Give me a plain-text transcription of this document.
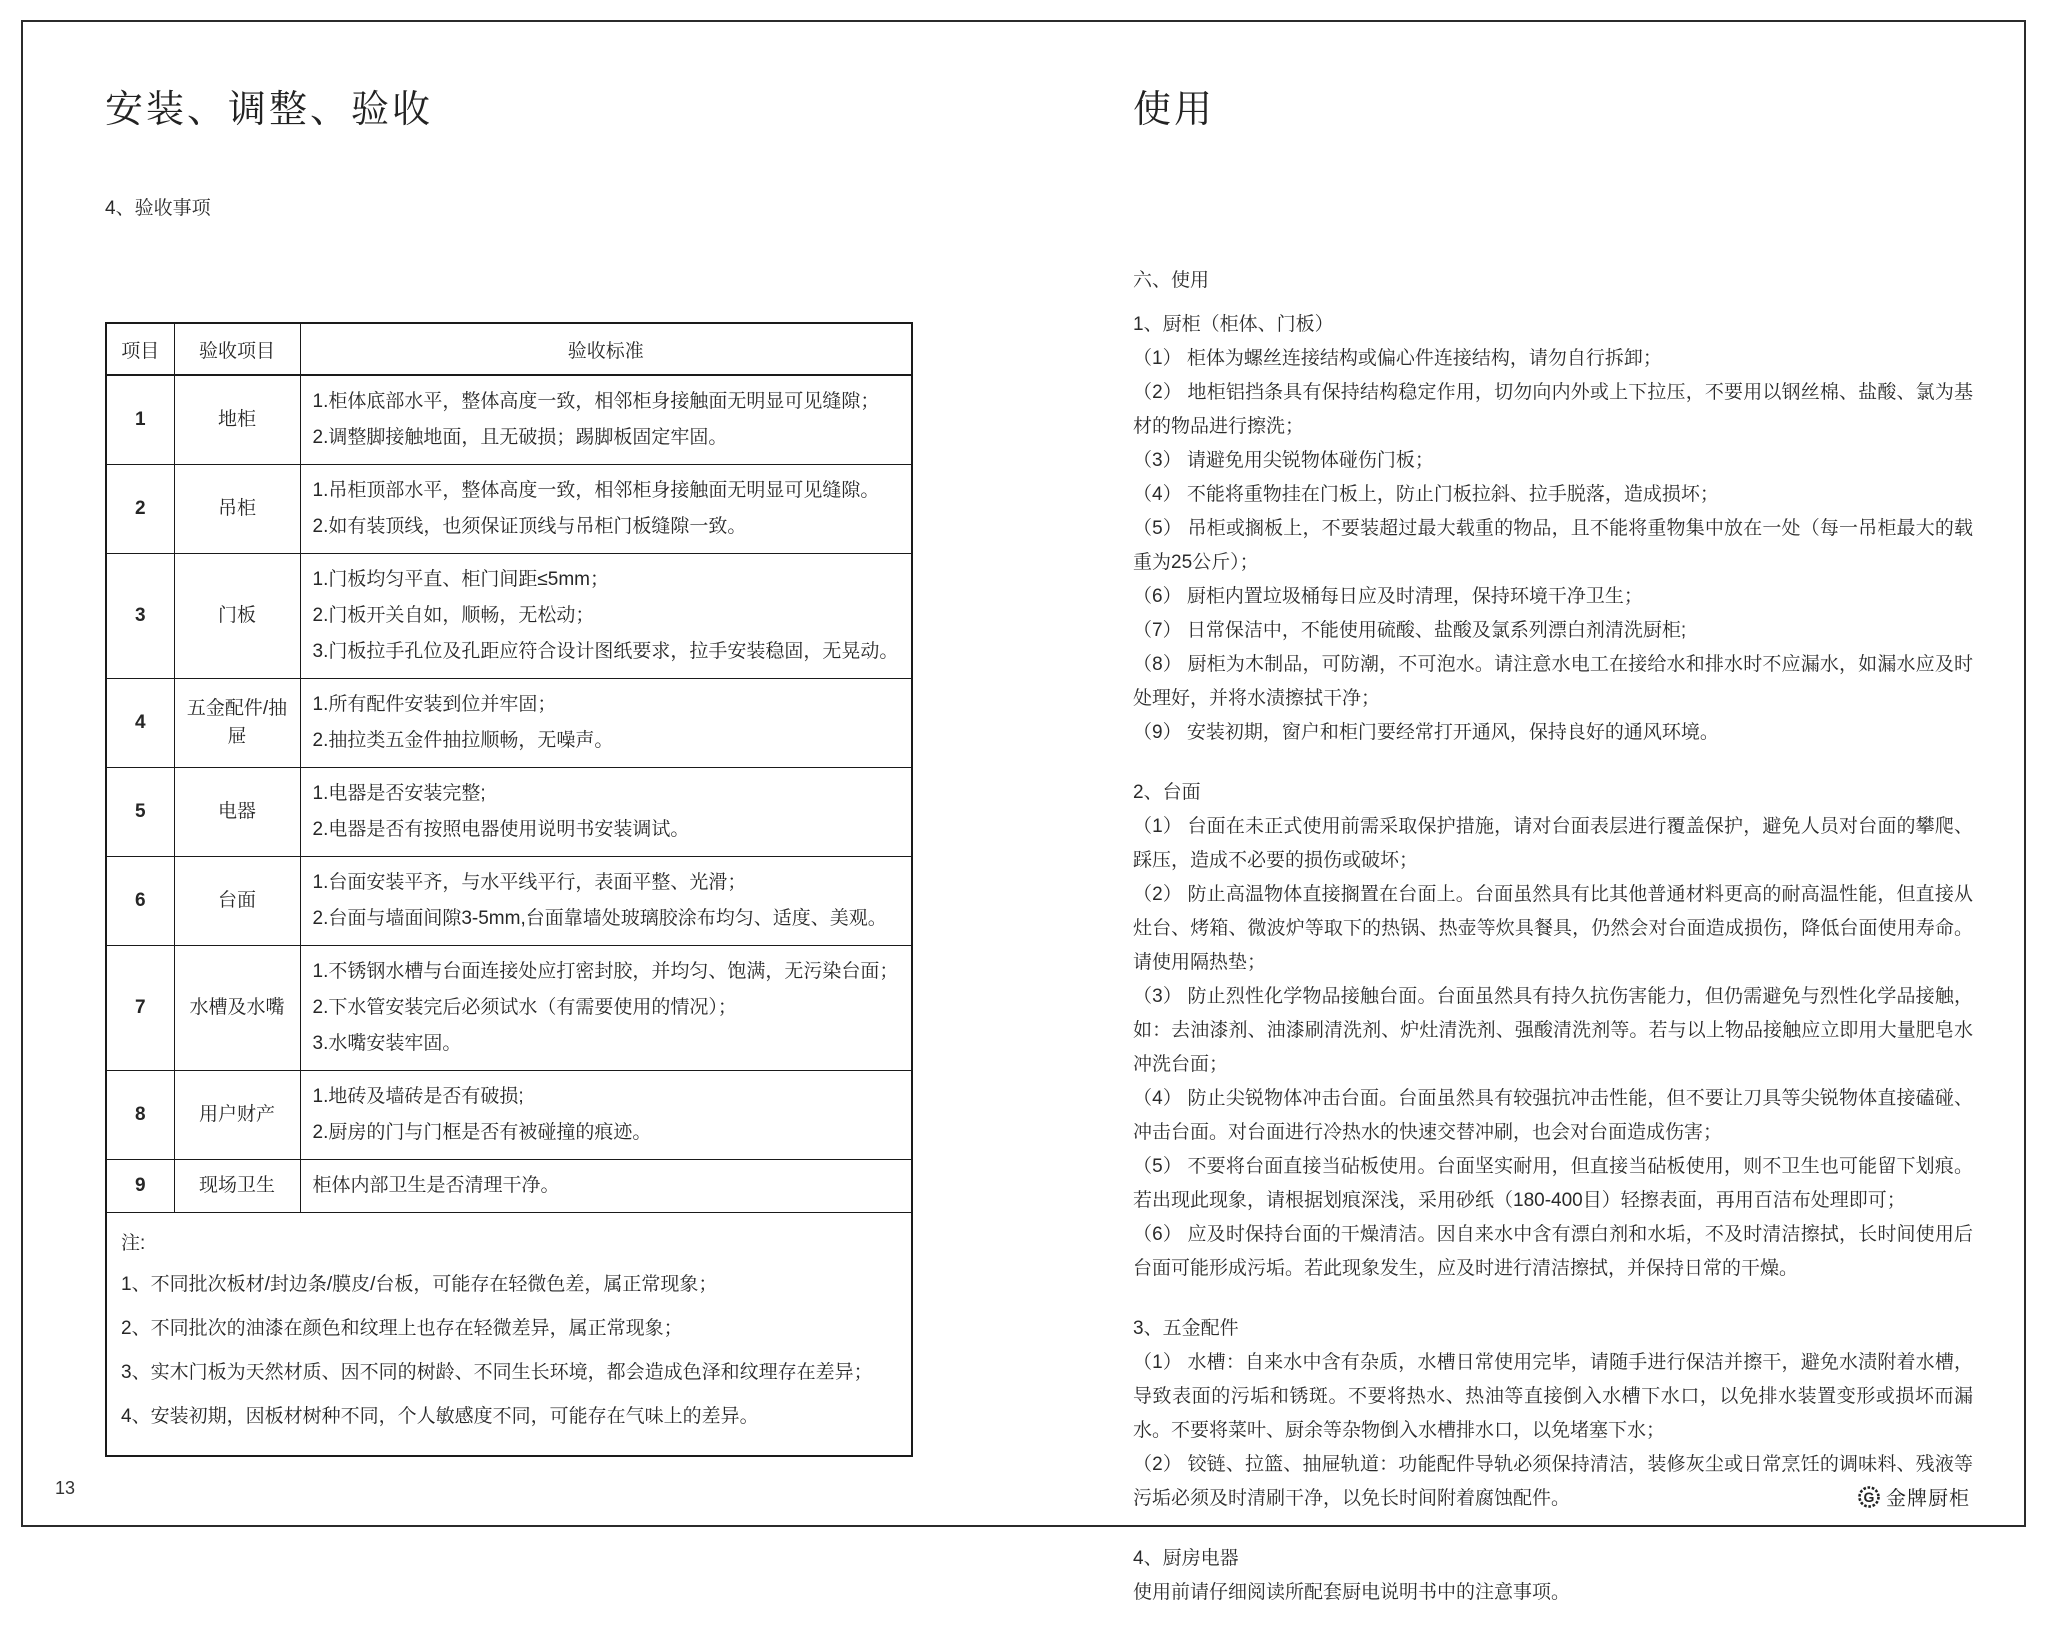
安装、调整、验收
4、验收事项
项目	验收项目	验收标准
1	地柜	1.柜体底部水平，整体高度一致，相邻柜身接触面无明显可见缝隙；
2.调整脚接触地面，且无破损；踢脚板固定牢固。

2	吊柜	1.吊柜顶部水平，整体高度一致，相邻柜身接触面无明显可见缝隙。
2.如有装顶线，也须保证顶线与吊柜门板缝隙一致。

3	门板	1.门板均匀平直、柜门间距≤5mm；
2.门板开关自如，顺畅，无松动；
3.门板拉手孔位及孔距应符合设计图纸要求，拉手安装稳固，无晃动。

4	五金配件/抽屉	1.所有配件安装到位并牢固；
2.抽拉类五金件抽拉顺畅，无噪声。

5	电器	1.电器是否安装完整;
2.电器是否有按照电器使用说明书安装调试。

6	台面	1.台面安装平齐，与水平线平行，表面平整、光滑；
2.台面与墙面间隙3-5mm,台面靠墙处玻璃胶涂布均匀、适度、美观。

7	水槽及水嘴	1.不锈钢水槽与台面连接处应打密封胶，并均匀、饱满，无污染台面；
2.下水管安装完后必须试水（有需要使用的情况）；
3.水嘴安装牢固。

8	用户财产	1.地砖及墙砖是否有破损;
2.厨房的门与门框是否有被碰撞的痕迹。

9	现场卫生	柜体内部卫生是否清理干净。

注:
1、不同批次板材/封边条/膜皮/台板，可能存在轻微色差，属正常现象；
2、不同批次的油漆在颜色和纹理上也存在轻微差异，属正常现象；
3、实木门板为天然材质、因不同的树龄、不同生长环境，都会造成色泽和纹理存在差异；
4、安装初期，因板材树种不同，个人敏感度不同，可能存在气味上的差异。		
使用
六、使用
1、厨柜（柜体、门板）

（1） 柜体为螺丝连接结构或偏心件连接结构，请勿自行拆卸；

（2） 地柜铝挡条具有保持结构稳定作用，切勿向内外或上下拉压，不要用以钢丝棉、盐酸、氯为基材的物品进行擦洗；

（3） 请避免用尖锐物体碰伤门板；

（4） 不能将重物挂在门板上，防止门板拉斜、拉手脱落，造成损坏；

（5） 吊柜或搁板上，不要装超过最大载重的物品，且不能将重物集中放在一处（每一吊柜最大的载重为25公斤）；

（6） 厨柜内置垃圾桶每日应及时清理，保持环境干净卫生；

（7） 日常保洁中，不能使用硫酸、盐酸及氯系列漂白剂清洗厨柜;

（8） 厨柜为木制品，可防潮，不可泡水。请注意水电工在接给水和排水时不应漏水，如漏水应及时处理好，并将水渍擦拭干净；

（9） 安装初期，窗户和柜门要经常打开通风，保持良好的通风环境。

2、台面

（1） 台面在未正式使用前需采取保护措施，请对台面表层进行覆盖保护，避免人员对台面的攀爬、踩压，造成不必要的损伤或破坏；

（2） 防止高温物体直接搁置在台面上。台面虽然具有比其他普通材料更高的耐高温性能，但直接从灶台、烤箱、微波炉等取下的热锅、热壶等炊具餐具，仍然会对台面造成损伤，降低台面使用寿命。请使用隔热垫；

（3） 防止烈性化学物品接触台面。台面虽然具有持久抗伤害能力，但仍需避免与烈性化学品接触，如：去油漆剂、油漆刷清洗剂、炉灶清洗剂、强酸清洗剂等。若与以上物品接触应立即用大量肥皂水冲洗台面；

（4） 防止尖锐物体冲击台面。台面虽然具有较强抗冲击性能，但不要让刀具等尖锐物体直接磕碰、冲击台面。对台面进行冷热水的快速交替冲刷，也会对台面造成伤害；

（5） 不要将台面直接当砧板使用。台面坚实耐用，但直接当砧板使用，则不卫生也可能留下划痕。若出现此现象，请根据划痕深浅，采用砂纸（180-400目）轻擦表面，再用百洁布处理即可；

（6） 应及时保持台面的干燥清洁。因自来水中含有漂白剂和水垢，不及时清洁擦拭，长时间使用后台面可能形成污垢。若此现象发生，应及时进行清洁擦拭，并保持日常的干燥。

3、五金配件

（1） 水槽：自来水中含有杂质，水槽日常使用完毕，请随手进行保洁并擦干，避免水渍附着水槽，导致表面的污垢和锈斑。不要将热水、热油等直接倒入水槽下水口，以免排水装置变形或损坏而漏水。不要将菜叶、厨余等杂物倒入水槽排水口，以免堵塞下水；

（2） 铰链、拉篮、抽屉轨道：功能配件导轨必须保持清洁，装修灰尘或日常烹饪的调味料、残液等污垢必须及时清刷干净，以免长时间附着腐蚀配件。

4、厨房电器

使用前请仔细阅读所配套厨电说明书中的注意事项。

13	G 金牌厨柜
